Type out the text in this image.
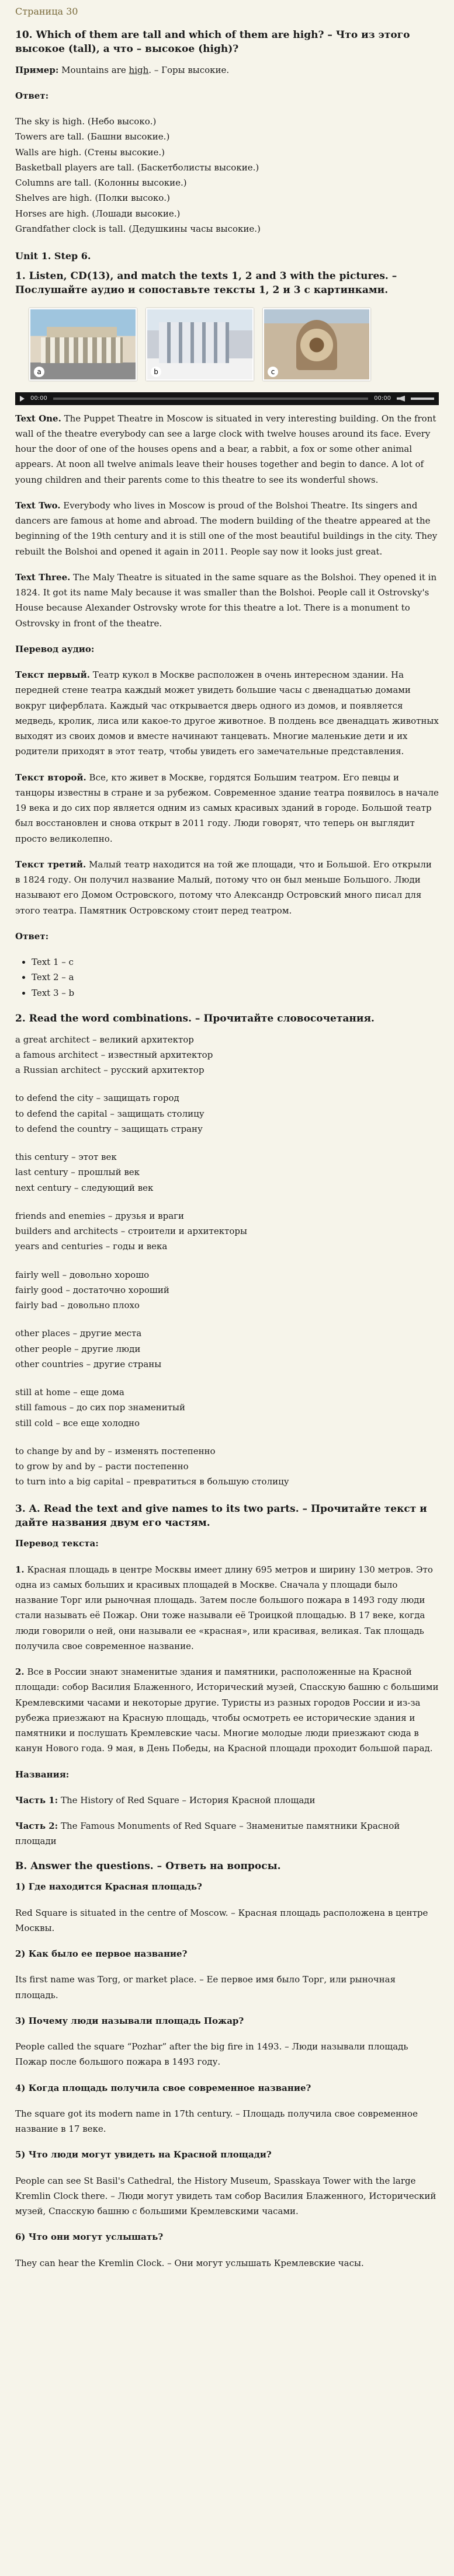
Страница 30
10. Which of them are tall and which of them are high? – Что из этого высокое (tall), а что – высокое (high)?

Пример: Mountains are high. – Горы высокие.

Ответ:

The sky is high. (Небо высоко.)
Towers are tall. (Башни высокие.)
Walls are high. (Стены высокие.)
Basketball players are tall. (Баскетболисты высокие.)
Columns are tall. (Колонны высокие.)
Shelves are high. (Полки высоко.)
Horses are high. (Лошади высокие.)
Grandfather clock is tall. (Дедушкины часы высокие.)
Unit 1. Step 6.
1. Listen, CD(13), and match the texts 1, 2 and 3 with the pictures. – Послушайте аудио и сопоставьте тексты 1, 2 и 3 с картинками.
a	b	c
00:00	00:00

Text One. The Puppet Theatre in Moscow is situated in very interesting building. On the front wall of the theatre everybody can see a large clock with twelve houses around its face. Every hour the door of one of the houses opens and a bear, a rabbit, a fox or some other animal appears. At noon all twelve animals leave their houses together and begin to dance. A lot of young children and their parents come to this theatre to see its wonderful shows.

Text Two. Everybody who lives in Moscow is proud of the Bolshoi Theatre. Its singers and dancers are famous at home and abroad. The modern building of the theatre appeared at the beginning of the 19th century and it is still one of the most beautiful buildings in the city. They rebuilt the Bolshoi and opened it again in 2011. People say now it looks just great.

Text Three. The Maly Theatre is situated in the same square as the Bolshoi. They opened it in 1824. It got its name Maly because it was smaller than the Bolshoi. People call it Ostrovsky's House because Alexander Ostrovsky wrote for this theatre a lot. There is a monument to Ostrovsky in front of the theatre.

Перевод аудио:

Текст первый. Театр кукол в Москве расположен в очень интересном здании. На передней стене театра каждый может увидеть большие часы с двенадцатью домами вокруг циферблата. Каждый час открывается дверь одного из домов, и появляется медведь, кролик, лиса или какое-то другое животное. В полдень все двенадцать животных выходят из своих домов и вместе начинают танцевать. Многие маленькие дети и их родители приходят в этот театр, чтобы увидеть его замечательные представления.

Текст второй. Все, кто живет в Москве, гордятся Большим театром. Его певцы и танцоры известны в стране и за рубежом. Современное здание театра появилось в начале 19 века и до сих пор является одним из самых красивых зданий в городе. Большой театр был восстановлен и снова открыт в 2011 году. Люди говорят, что теперь он выглядит просто великолепно.

Текст третий. Малый театр находится на той же площади, что и Большой. Его открыли в 1824 году. Он получил название Малый, потому что он был меньше Большого. Люди называют его Домом Островского, потому что Александр Островский много писал для этого театра. Памятник Островскому стоит перед театром.

Ответ:

• Text 1 – c
• Text 2 – a
• Text 3 – b
2. Read the word combinations. – Прочитайте словосочетания.
a great architect – великий архитектор
a famous architect – известный архитектор
a Russian architect – русский архитектор
to defend the city – защищать город
to defend the capital – защищать столицу
to defend the country – защищать страну
this century – этот век
last century – прошлый век
next century – следующий век
friends and enemies – друзья и враги
builders and architects – строители и архитекторы
years and centuries – годы и века
fairly well – довольно хорошо
fairly good – достаточно хороший
fairly bad – довольно плохо
other places – другие места
other people – другие люди
other countries – другие страны
still at home – еще дома
still famous – до сих пор знаменитый
still cold – все еще холодно
to change by and by – изменять постепенно
to grow by and by – расти постепенно
to turn into a big capital – превратиться в большую столицу
3. A. Read the text and give names to its two parts. – Прочитайте текст и дайте названия двум его частям.

Перевод текста:

1. Красная площадь в центре Москвы имеет длину 695 метров и ширину 130 метров. Это одна из самых больших и красивых площадей в Москве. Сначала у площади было название Торг или рыночная площадь. Затем после большого пожара в 1493 году люди стали называть её Пожар. Они тоже называли её Троицкой площадью. В 17 веке, когда люди говорили о ней, они называли ее «красная», или красивая, великая. Так площадь получила свое современное название.

2. Все в России знают знаменитые здания и памятники, расположенные на Красной площади: собор Василия Блаженного, Исторический музей, Спасскую башню с большими Кремлевскими часами и некоторые другие. Туристы из разных городов России и из-за рубежа приезжают на Красную площадь, чтобы осмотреть ее исторические здания и памятники и послушать Кремлевские часы. Многие молодые люди приезжают сюда в канун Нового года. 9 мая, в День Победы, на Красной площади проходит большой парад.

Названия:

Часть 1: The History of Red Square – История Красной площади

Часть 2: The Famous Monuments of Red Square – Знаменитые памятники Красной площади

B. Answer the questions. – Ответь на вопросы.

1) Где находится Красная площадь?

Red Square is situated in the centre of Moscow. – Красная площадь расположена в центре Москвы.

2) Как было ее первое название?

Its first name was Torg, or market place. – Ее первое имя было Торг, или рыночная площадь.

3) Почему люди называли площадь Пожар?

People called the square “Pozhar” after the big fire in 1493. – Люди называли площадь Пожар после большого пожара в 1493 году.

4) Когда площадь получила свое современное название?

The square got its modern name in 17th century. – Площадь получила свое современное название в 17 веке.

5) Что люди могут увидеть на Красной площади?

People can see St Basil's Cathedral, the History Museum, Spasskaya Tower with the large Kremlin Clock there. – Люди могут увидеть там собор Василия Блаженного, Исторический музей, Спасскую башню с большими Кремлевскими часами.

6) Что они могут услышать?

They can hear the Kremlin Clock. – Они могут услышать Кремлевские часы.
